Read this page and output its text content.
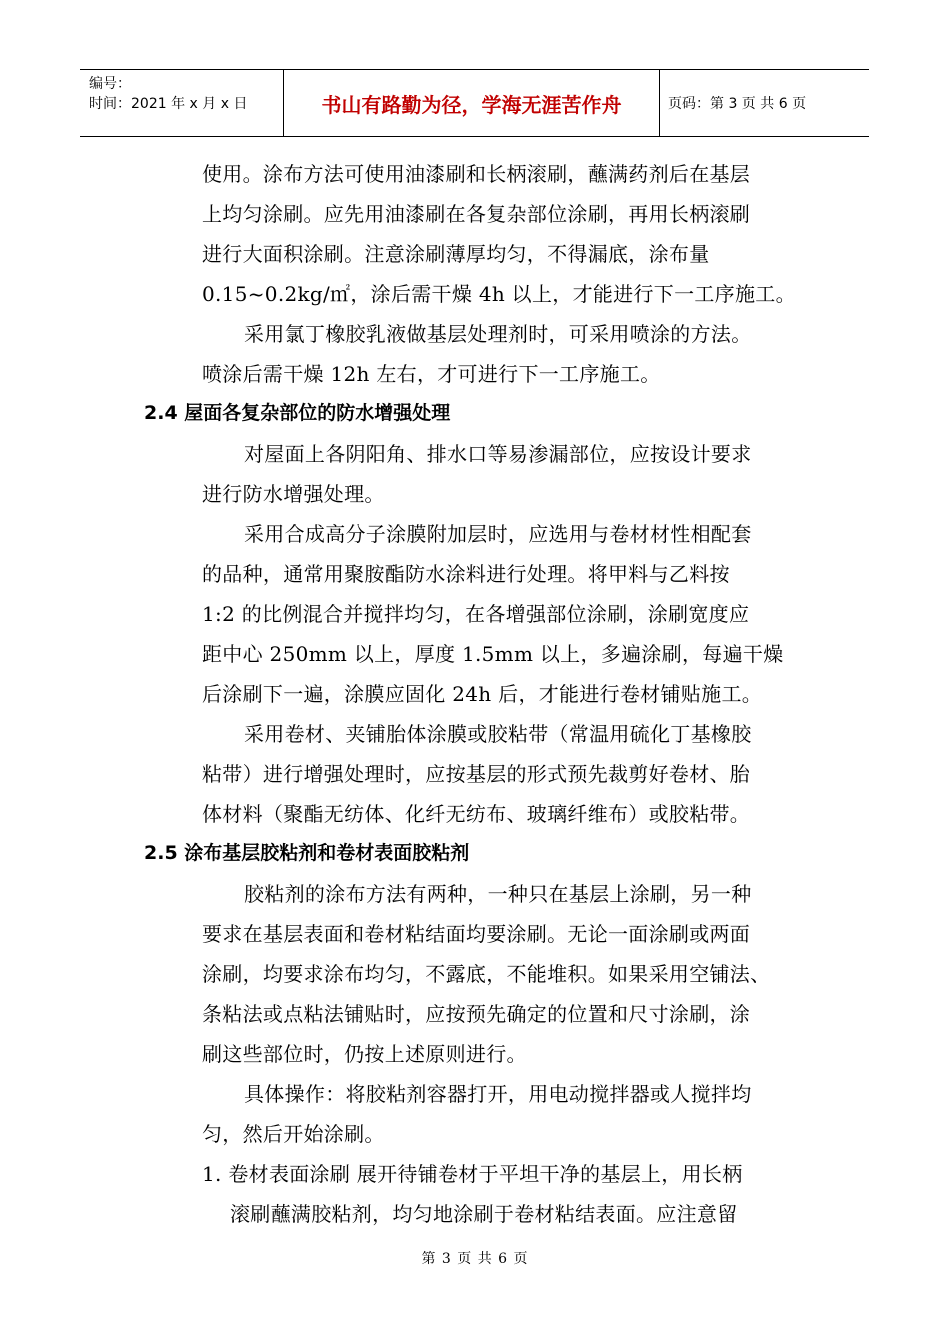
编号：
时间：2021 年 x 月 x 日	书山有路勤为径，学海无涯苦作舟	页码：第 3 页 共 6 页
使用。涂布方法可使用油漆刷和长柄滚刷，蘸满药剂后在基层
上均匀涂刷。应先用油漆刷在各复杂部位涂刷，再用长柄滚刷
进行大面积涂刷。注意涂刷薄厚均匀，不得漏底，涂布量
0.15~0.2kg/㎡，涂后需干燥 4h 以上，才能进行下一工序施工。
采用氯丁橡胶乳液做基层处理剂时，可采用喷涂的方法。
喷涂后需干燥 12h 左右，才可进行下一工序施工。
2.4 屋面各复杂部位的防水增强处理
对屋面上各阴阳角、排水口等易渗漏部位，应按设计要求
进行防水增强处理。
采用合成高分子涂膜附加层时，应选用与卷材材性相配套
的品种，通常用聚胺酯防水涂料进行处理。将甲料与乙料按
1:2 的比例混合并搅拌均匀，在各增强部位涂刷，涂刷宽度应
距中心 250mm 以上，厚度 1.5mm 以上，多遍涂刷，每遍干燥
后涂刷下一遍，涂膜应固化 24h 后，才能进行卷材铺贴施工。
采用卷材、夹铺胎体涂膜或胶粘带（常温用硫化丁基橡胶
粘带）进行增强处理时，应按基层的形式预先裁剪好卷材、胎
体材料（聚酯无纺体、化纤无纺布、玻璃纤维布）或胶粘带。
2.5 涂布基层胶粘剂和卷材表面胶粘剂
胶粘剂的涂布方法有两种，一种只在基层上涂刷，另一种
要求在基层表面和卷材粘结面均要涂刷。无论一面涂刷或两面
涂刷，均要求涂布均匀，不露底，不能堆积。如果采用空铺法、
条粘法或点粘法铺贴时，应按预先确定的位置和尺寸涂刷，涂
刷这些部位时，仍按上述原则进行。
具体操作：将胶粘剂容器打开，用电动搅拌器或人搅拌均
匀，然后开始涂刷。
1. 卷材表面涂刷 展开待铺卷材于平坦干净的基层上，用长柄
滚刷蘸满胶粘剂，均匀地涂刷于卷材粘结表面。应注意留
第 3 页 共 6 页
